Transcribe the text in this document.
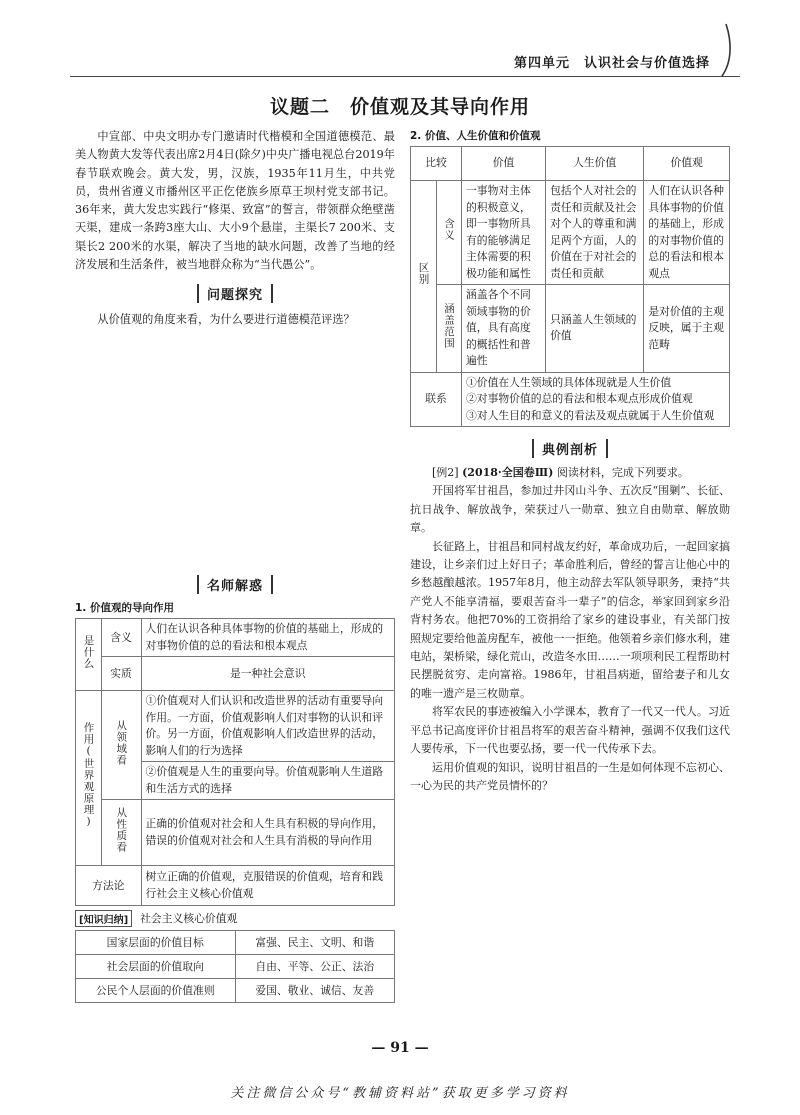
第四单元　认识社会与价值选择
议题二　价值观及其导向作用

中宣部、中央文明办专门邀请时代楷模和全国道德模范、最美人物黄大发等代表出席2月4日(除夕)中央广播电视总台2019年春节联欢晚会。黄大发，男，汉族，1935年11月生，中共党员，贵州省遵义市播州区平正仡佬族乡原草王坝村党支部书记。36年来，黄大发忠实践行“修渠、致富”的誓言，带领群众绝壁凿天渠，建成一条跨3座大山、大小9个悬崖，主渠长7 200米、支渠长2 200米的水渠，解决了当地的缺水问题，改善了当地的经济发展和生活条件，被当地群众称为“当代愚公”。

问题探究

从价值观的角度来看，为什么要进行道德模范评选？

名师解惑
1. 价值观的导向作用
是什么	含义	人们在认识各种具体事物的价值的基础上，形成的对事物价值的总的看法和根本观点
	实质	是一种社会意识
作用(世界观原理)	从领域看	①价值观对人们认识和改造世界的活动有重要导向作用。一方面，价值观影响人们对事物的认识和评价。另一方面，价值观影响人们改造世界的活动，影响人们的行为选择
		②价值观是人生的重要向导。价值观影响人生道路和生活方式的选择
	从性质看	正确的价值观对社会和人生具有积极的导向作用，错误的价值观对社会和人生具有消极的导向作用
方法论		树立正确的价值观，克服错误的价值观，培育和践行社会主义核心价值观
[知识归纳]	社会主义核心价值观
国家层面的价值目标	富强、民主、文明、和谐
社会层面的价值取向	自由、平等、公正、法治
公民个人层面的价值准则	爱国、敬业、诚信、友善
2. 价值、人生价值和价值观
比较		价值	人生价值	价值观
区别	含义	一事物对主体的积极意义，即一事物所具有的能够满足主体需要的积极功能和属性	包括个人对社会的责任和贡献及社会对个人的尊重和满足两个方面，人的价值在于对社会的责任和贡献	人们在认识各种具体事物的价值的基础上，形成的对事物价值的总的看法和根本观点
	涵盖范围	涵盖各个不同领域事物的价值，具有高度的概括性和普遍性	只涵盖人生领域的价值	是对价值的主观反映，属于主观范畴
联系		①价值在人生领域的具体体现就是人生价值
②对事物价值的总的看法和根本观点形成价值观
③对人生目的和意义的看法及观点就属于人生价值观		
典例剖析

[例2] (2018·全国卷Ⅲ) 阅读材料，完成下列要求。

开国将军甘祖昌，参加过井冈山斗争、五次反“围剿”、长征、抗日战争、解放战争，荣获过八一勋章、独立自由勋章、解放勋章。

长征路上，甘祖昌和同村战友约好，革命成功后，一起回家搞建设，让乡亲们过上好日子；革命胜利后，曾经的誓言让他心中的乡愁越酿越浓。1957年8月，他主动辞去军队领导职务，秉持“共产党人不能享清福，要艰苦奋斗一辈子”的信念，举家回到家乡沿背村务农。他把70%的工资捐给了家乡的建设事业，有关部门按照规定要给他盖房配车，被他一一拒绝。他领着乡亲们修水利，建电站，架桥梁，绿化荒山，改造冬水田……一项项利民工程帮助村民摆脱贫穷、走向富裕。1986年，甘祖昌病逝，留给妻子和儿女的唯一遗产是三枚勋章。

将军农民的事迹被编入小学课本，教育了一代又一代人。习近平总书记高度评价甘祖昌将军的艰苦奋斗精神，强调不仅我们这代人要传承，下一代也要弘扬，要一代一代传承下去。

运用价值观的知识，说明甘祖昌的一生是如何体现不忘初心、一心为民的共产党员情怀的？

— 91 —
关注微信公众号“教辅资料站”获取更多学习资料
